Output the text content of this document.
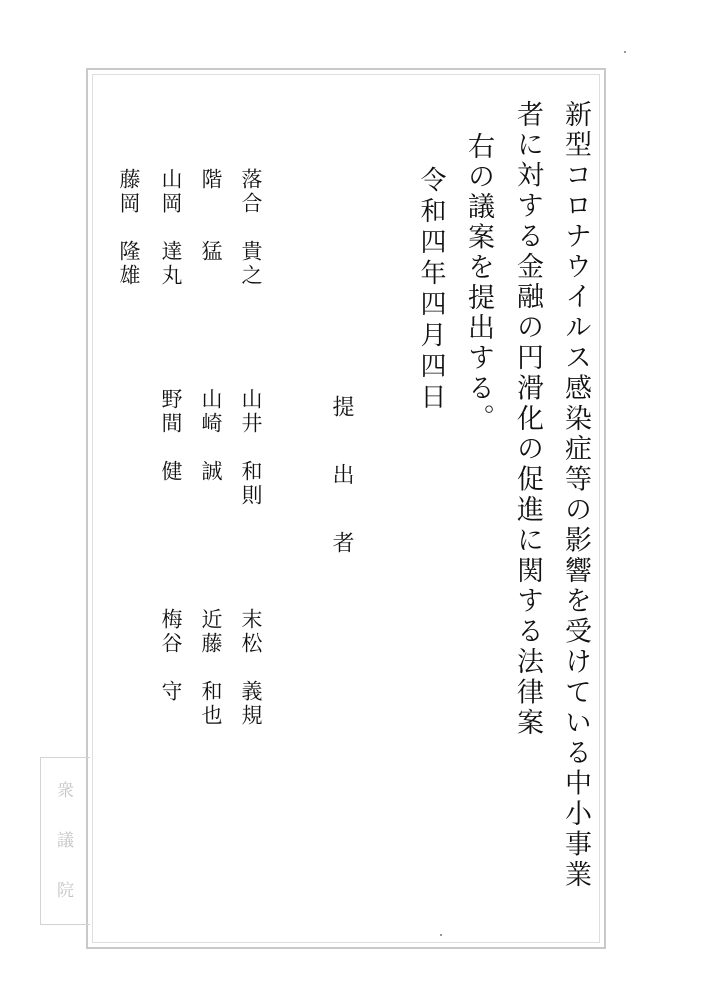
新型コロナウイルス感染症等の影響を受けている中小事業
者に対する金融の円滑化の促進に関する法律案
右の議案を提出する。
令和四年四月四日
提出者
落合　貴之
山井　和則
末松　義規
階　　猛
山崎　誠
近藤　和也
山岡　達丸
野間　健
梅谷　守
藤岡　隆雄
衆
議
院
